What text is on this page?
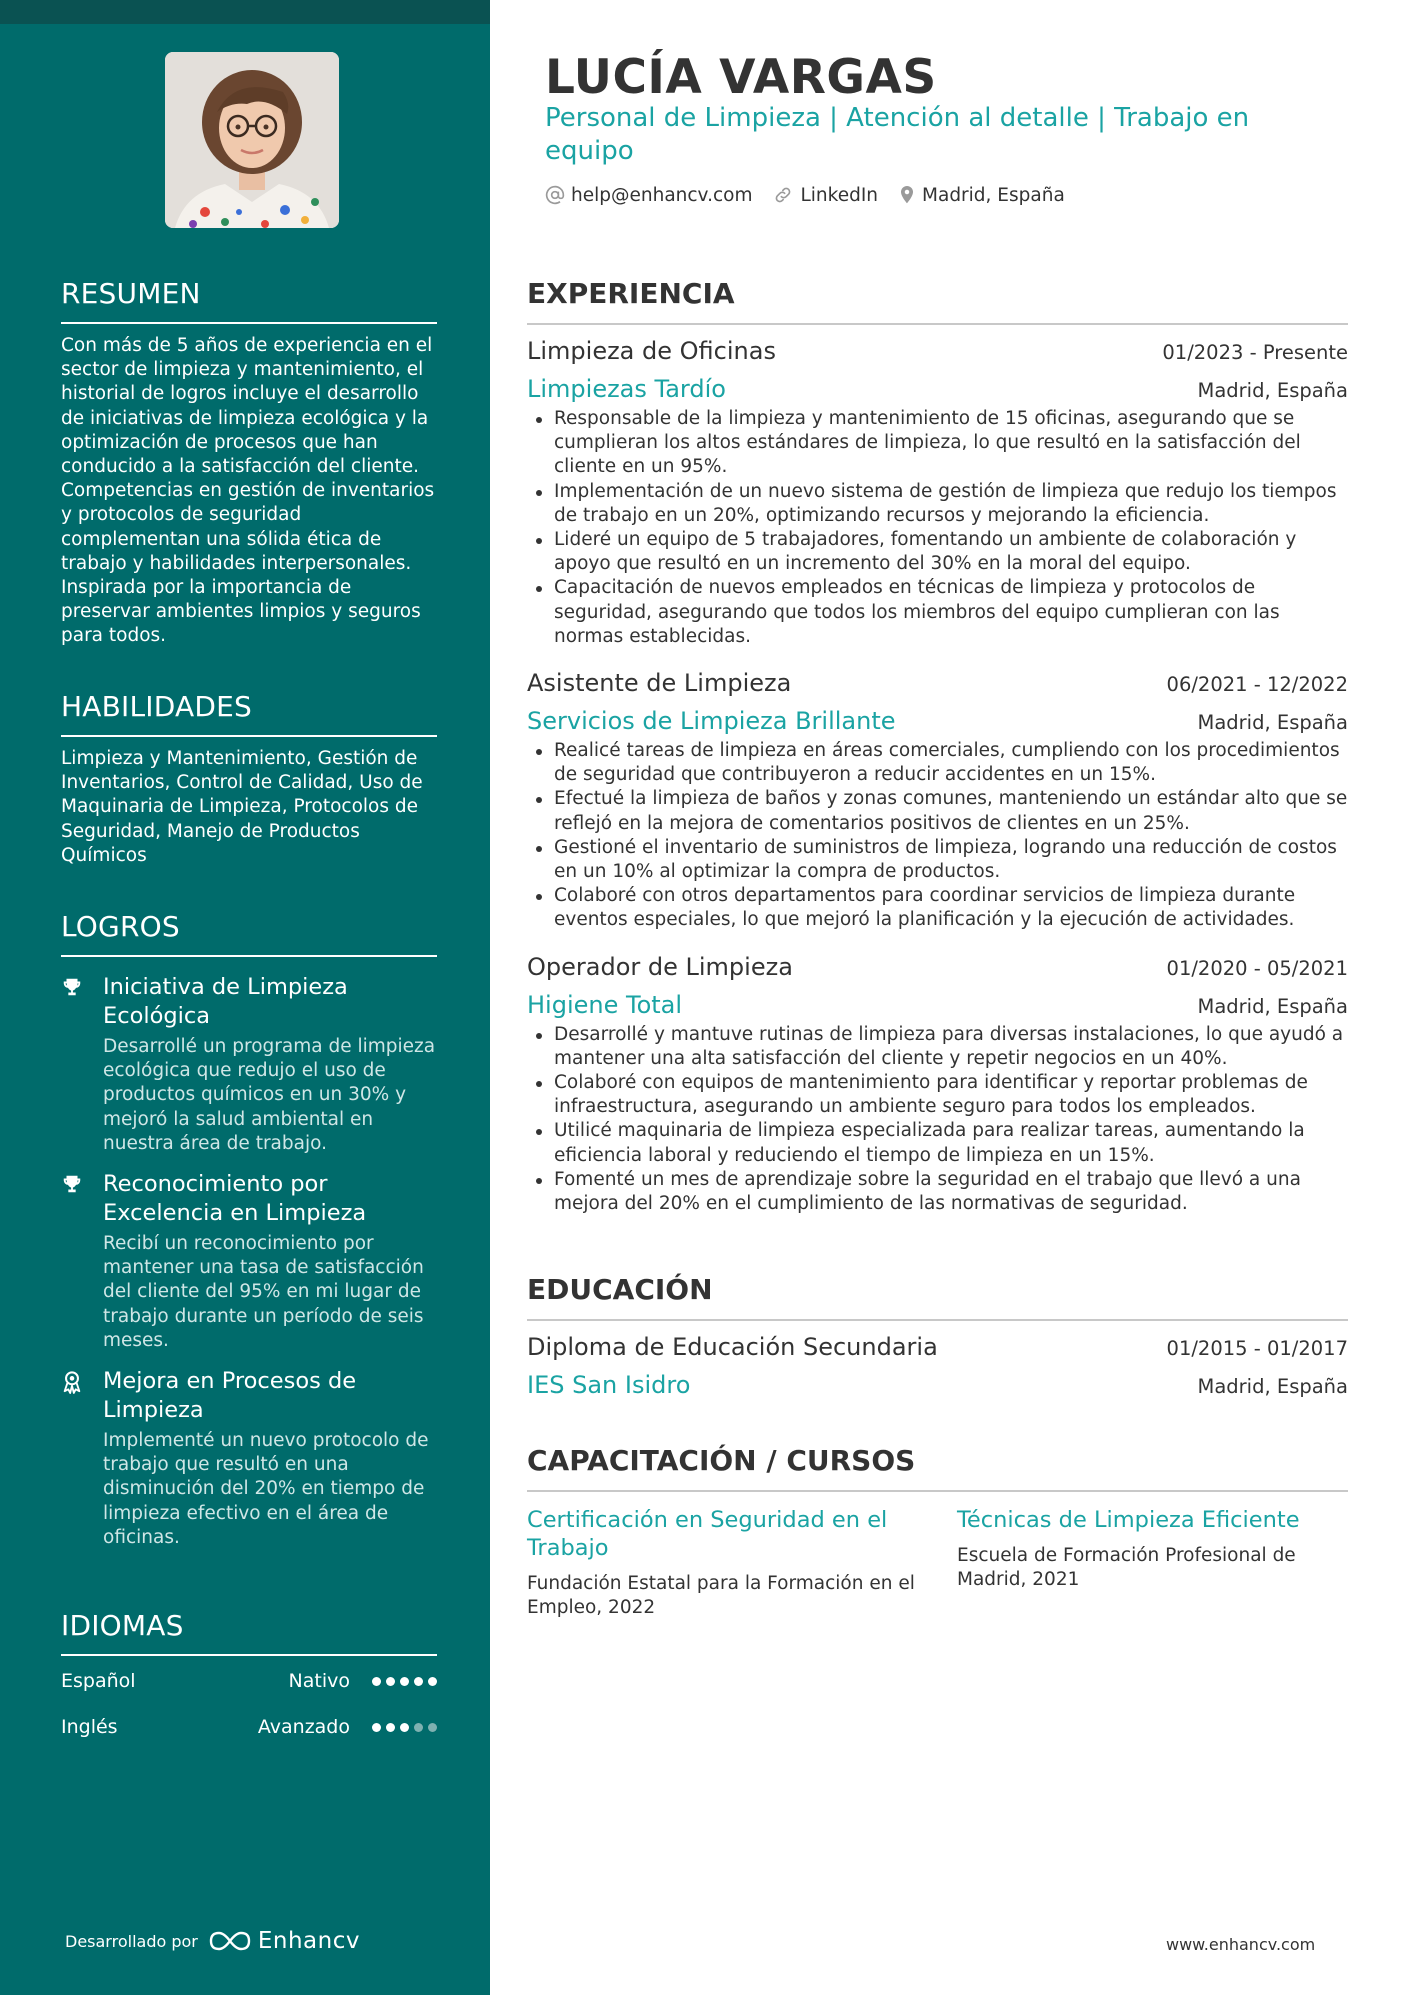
RESUMEN

Con más de 5 años de experiencia en el sector de limpieza y mantenimiento, el historial de logros incluye el desarrollo de iniciativas de limpieza ecológica y la optimización de procesos que han conducido a la satisfacción del cliente. Competencias en gestión de inventarios y protocolos de seguridad complementan una sólida ética de trabajo y habilidades interpersonales. Inspirada por la importancia de preservar ambientes limpios y seguros para todos.

HABILIDADES

Limpieza y Mantenimiento, Gestión de Inventarios, Control de Calidad, Uso de Maquinaria de Limpieza, Protocolos de Seguridad, Manejo de Productos Químicos

LOGROS
Iniciativa de Limpieza Ecológica
Desarrollé un programa de limpieza ecológica que redujo el uso de productos químicos en un 30% y mejoró la salud ambiental en nuestra área de trabajo.
Reconocimiento por Excelencia en Limpieza
Recibí un reconocimiento por mantener una tasa de satisfacción del cliente del 95% en mi lugar de trabajo durante un período de seis meses.
Mejora en Procesos de Limpieza
Implementé un nuevo protocolo de trabajo que resultó en una disminución del 20% en tiempo de limpieza efectivo en el área de oficinas.
IDIOMAS
Español	Nativo
Inglés	Avanzado
Desarrollado por	Enhancv
LUCÍA VARGAS
Personal de Limpieza | Atención al detalle | Trabajo en equipo
help@enhancv.com	LinkedIn Madrid, España
EXPERIENCIA
Limpieza de Oficinas	01/2023 - Presente
Limpiezas Tardío	Madrid, España
Responsable de la limpieza y mantenimiento de 15 oficinas, asegurando que se cumplieran los altos estándares de limpieza, lo que resultó en la satisfacción del cliente en un 95%.
Implementación de un nuevo sistema de gestión de limpieza que redujo los tiempos de trabajo en un 20%, optimizando recursos y mejorando la eficiencia.
Lideré un equipo de 5 trabajadores, fomentando un ambiente de colaboración y apoyo que resultó en un incremento del 30% en la moral del equipo.
Capacitación de nuevos empleados en técnicas de limpieza y protocolos de seguridad, asegurando que todos los miembros del equipo cumplieran con las normas establecidas.
Asistente de Limpieza	06/2021 - 12/2022
Servicios de Limpieza Brillante	Madrid, España
Realicé tareas de limpieza en áreas comerciales, cumpliendo con los procedimientos de seguridad que contribuyeron a reducir accidentes en un 15%.
Efectué la limpieza de baños y zonas comunes, manteniendo un estándar alto que se reflejó en la mejora de comentarios positivos de clientes en un 25%.
Gestioné el inventario de suministros de limpieza, logrando una reducción de costos en un 10% al optimizar la compra de productos.
Colaboré con otros departamentos para coordinar servicios de limpieza durante eventos especiales, lo que mejoró la planificación y la ejecución de actividades.
Operador de Limpieza	01/2020 - 05/2021
Higiene Total	Madrid, España
Desarrollé y mantuve rutinas de limpieza para diversas instalaciones, lo que ayudó a mantener una alta satisfacción del cliente y repetir negocios en un 40%.
Colaboré con equipos de mantenimiento para identificar y reportar problemas de infraestructura, asegurando un ambiente seguro para todos los empleados.
Utilicé maquinaria de limpieza especializada para realizar tareas, aumentando la eficiencia laboral y reduciendo el tiempo de limpieza en un 15%.
Fomenté un mes de aprendizaje sobre la seguridad en el trabajo que llevó a una mejora del 20% en el cumplimiento de las normativas de seguridad.
EDUCACIÓN
Diploma de Educación Secundaria	01/2015 - 01/2017
IES San Isidro	Madrid, España
CAPACITACIÓN / CURSOS
Certificación en Seguridad en el Trabajo
Fundación Estatal para la Formación en el Empleo, 2022
Técnicas de Limpieza Eficiente
Escuela de Formación Profesional de Madrid, 2021
www.enhancv.com
